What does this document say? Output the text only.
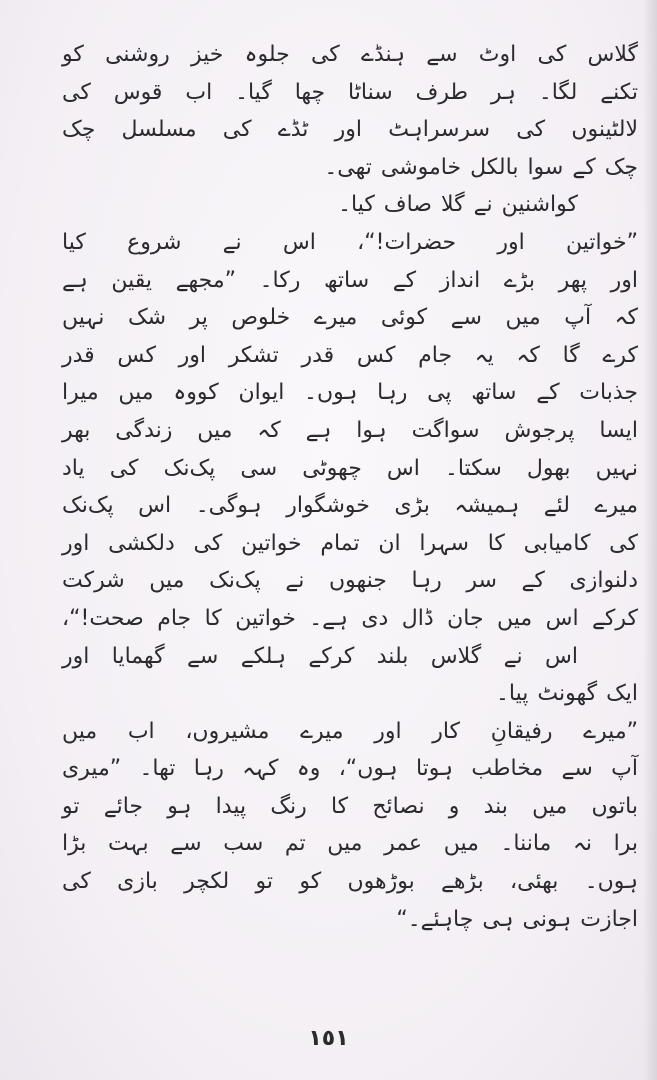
گلاس کی اوٹ سے ہنڈے کی جلوہ خیز روشنی کو
تکنے لگا۔ ہر طرف سناٹا چھا گیا۔ اب قوس کی
لالٹینوں کی سرسراہٹ اور ٹڈے کی مسلسل چک
چک کے سوا بالکل خاموشی تھی۔
کواشنین نے گلا صاف کیا۔
”خواتین اور حضرات!“، اس نے شروع کیا
اور پھر بڑے انداز کے ساتھ رکا۔ ”مجھے یقین ہے
کہ آپ میں سے کوئی میرے خلوص پر شک نہیں
کرے گا کہ یہ جام کس قدر تشکر اور کس قدر
جذبات کے ساتھ پی رہا ہوں۔ ایوان کووہ میں میرا
ایسا پرجوش سواگت ہوا ہے کہ میں زندگی بھر
نہیں بھول سکتا۔ اس چھوٹی سی پک‌نک کی یاد
میرے لئے ہمیشہ بڑی خوشگوار ہوگی۔ اس پک‌نک
کی کامیابی کا سہرا ان تمام خواتین کی دلکشی اور
دلنوازی کے سر رہا جنھوں نے پک‌نک میں شرکت
کرکے اس میں جان ڈال دی ہے۔ خواتین کا جام صحت!“،
اس نے گلاس بلند کرکے ہلکے سے گھمایا اور
ایک گھونٹ پیا۔
”میرے رفیقانِ کار اور میرے مشیروں، اب میں
آپ سے مخاطب ہوتا ہوں“، وہ کہہ رہا تھا۔ ”میری
باتوں میں بند و نصائح کا رنگ پیدا ہو جائے تو
برا نہ ماننا۔ میں عمر میں تم سب سے بہت بڑا
ہوں۔ بھئی، بڑھے بوڑھوں کو تو لکچر بازی کی
اجازت ہونی ہی چاہئے۔“
١٥١
